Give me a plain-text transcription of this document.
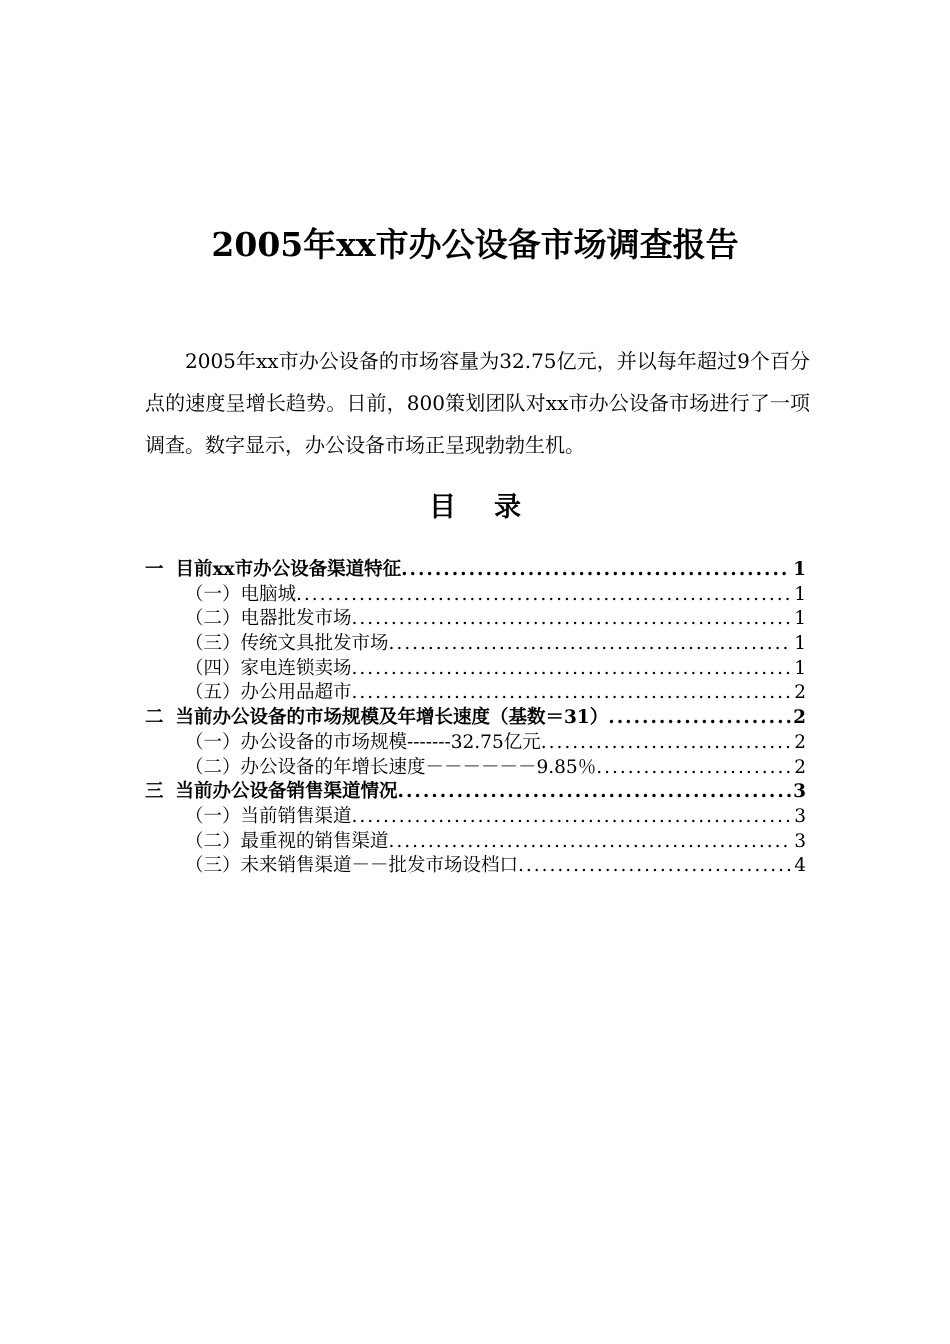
2005年xx市办公设备市场调查报告

2005年xx市办公设备的市场容量为32.75亿元，并以每年超过9个百分点的速度呈增长趋势。日前，800策划团队对xx市办公设备市场进行了一项调查。数字显示，办公设备市场正呈现勃勃生机。

目录
一 目前xx市办公设备渠道特征 .....	1
（一）电脑城 .....	1
（二）电器批发市场 .....	1
（三）传统文具批发市场 .....	1
（四）家电连锁卖场 .....	1
（五）办公用品超市 .....	2
二 当前办公设备的市场规模及年增长速度（基数＝31） .....	2
（一）办公设备的市场规模-------32.75亿元 .....	2
（二）办公设备的年增长速度－－－－－－9.85％ .....	2
三 当前办公设备销售渠道情况 .....	3
（一）当前销售渠道 .....	3
（二）最重视的销售渠道 .....	3
（三）未来销售渠道－－批发市场设档口 .....	4
